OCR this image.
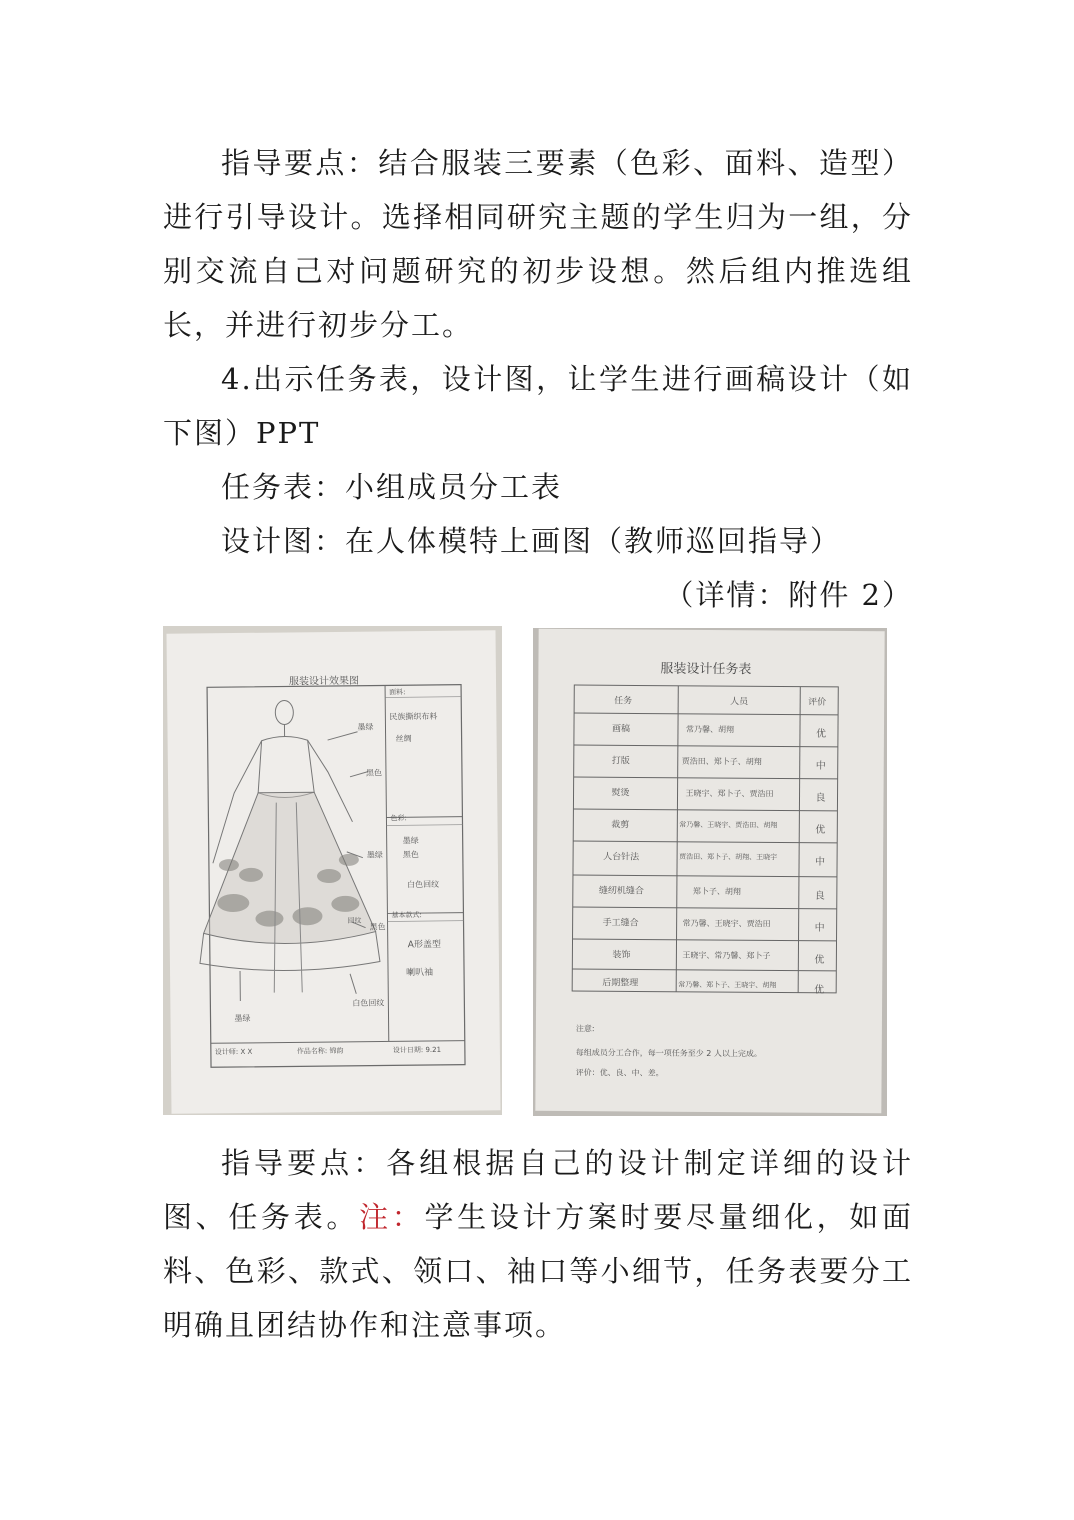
指导要点：结合服装三要素（色彩、面料、造型）进行引导设计。选择相同研究主题的学生归为一组，分别交流自己对问题研究的初步设想。然后组内推选组长，并进行初步分工。
4.出示任务表，设计图，让学生进行画稿设计（如下图）PPT
任务表：小组成员分工表
设计图：在人体模特上画图（教师巡回指导）
（详情：附件 2）
服装设计效果图
面料:
民族撕织布料
丝绸
色彩:
墨绿
黑色
白色回纹
基本款式:
A形盖型
喇叭袖
墨绿
黑色
墨绿
黑色
回纹
白色回纹
墨绿
设计师: X X	作品名称: 锦韵	设计日期: 9.21
服装设计任务表
任务	人员	评价
画稿	常乃馨、胡翔	优
打版	贾浩田、郑卜子、胡翔	中
熨烫	王晓宇、郑卜子、贾浩田	良
裁剪	常乃馨、王晓宇、贾浩田、胡翔	优
人台针法	贾浩田、郑卜子、胡翔、王晓宇	中
缝纫机缝合	郑卜子、胡翔	良
手工缝合	常乃馨、王晓宇、贾浩田	中
装饰	王晓宇、常乃馨、郑卜子	优
后期整理	常乃馨、郑卜子、王晓宇、胡翔	优
注意:
每组成员分工合作，每一项任务至少 2 人以上完成。
评价：优、良、中、差。
指导要点：各组根据自己的设计制定详细的设计图、任务表。注：学生设计方案时要尽量细化，如面料、色彩、款式、领口、袖口等小细节，任务表要分工明确且团结协作和注意事项。
